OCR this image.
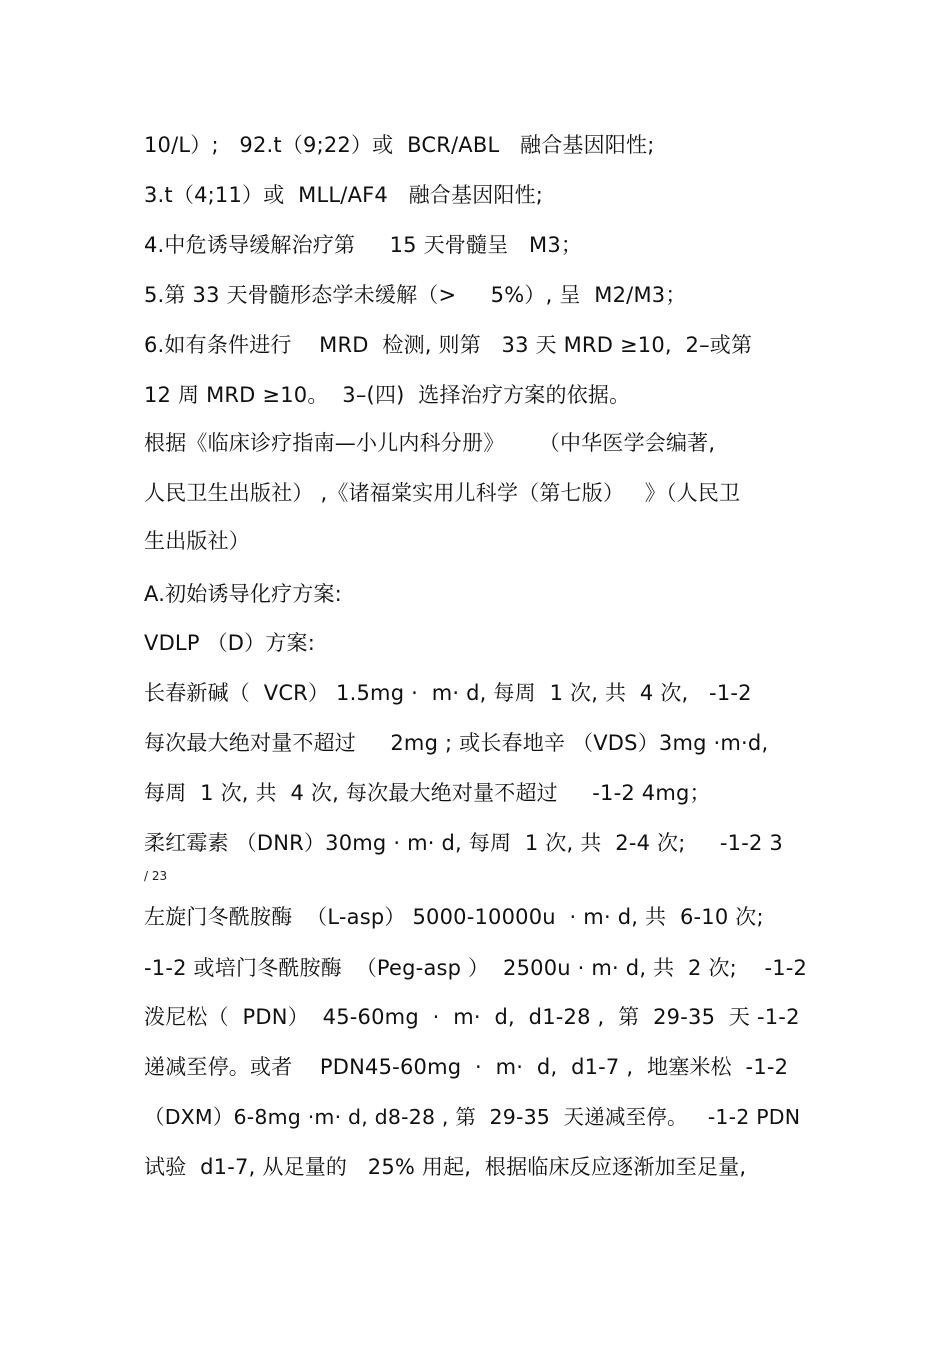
10/L）;   92.t（9;22）或  BCR/ABL   融合基因阳性;
3.t（4;11）或  MLL/AF4   融合基因阳性;
4.中危诱导缓解治疗第     15 天骨髓呈   M3；
5.第 33 天骨髓形态学未缓解（>     5%）, 呈  M2/M3；
6.如有条件进行    MRD  检测, 则第   33 天 MRD ≥10,  2–或第
12 周 MRD ≥10。  3–(四)  选择治疗方案的依据。
根据《临床诊疗指南—小儿内科分册》     （中华医学会编著,
人民卫生出版社） ,《诸福棠实用儿科学（第七版）   》（人民卫
生出版社）
A.初始诱导化疗方案:
VDLP （D）方案:
长春新碱（  VCR） 1.5mg ·  m· d, 每周  1 次, 共  4 次,   -1-2
每次最大绝对量不超过     2mg ; 或长春地辛 （VDS）3mg ·m·d,
每周  1 次, 共  4 次, 每次最大绝对量不超过     -1-2 4mg；
柔红霉素 （DNR）30mg · m· d, 每周  1 次, 共  2-4 次;     -1-2 3
/ 23
左旋门冬酰胺酶  （L-asp） 5000-10000u  · m· d, 共  6-10 次;
-1-2 或培门冬酰胺酶  （Peg-asp ）  2500u · m· d, 共  2 次;    -1-2
泼尼松（  PDN）  45-60mg  ·  m·  d,  d1-28 ,  第  29-35  天 -1-2
递减至停。或者    PDN45-60mg  ·  m·  d,  d1-7 ,  地塞米松  -1-2
（DXM）6-8mg ·m· d, d8-28 , 第  29-35  天递减至停。   -1-2 PDN
试验  d1-7, 从足量的   25% 用起,  根据临床反应逐渐加至足量,
